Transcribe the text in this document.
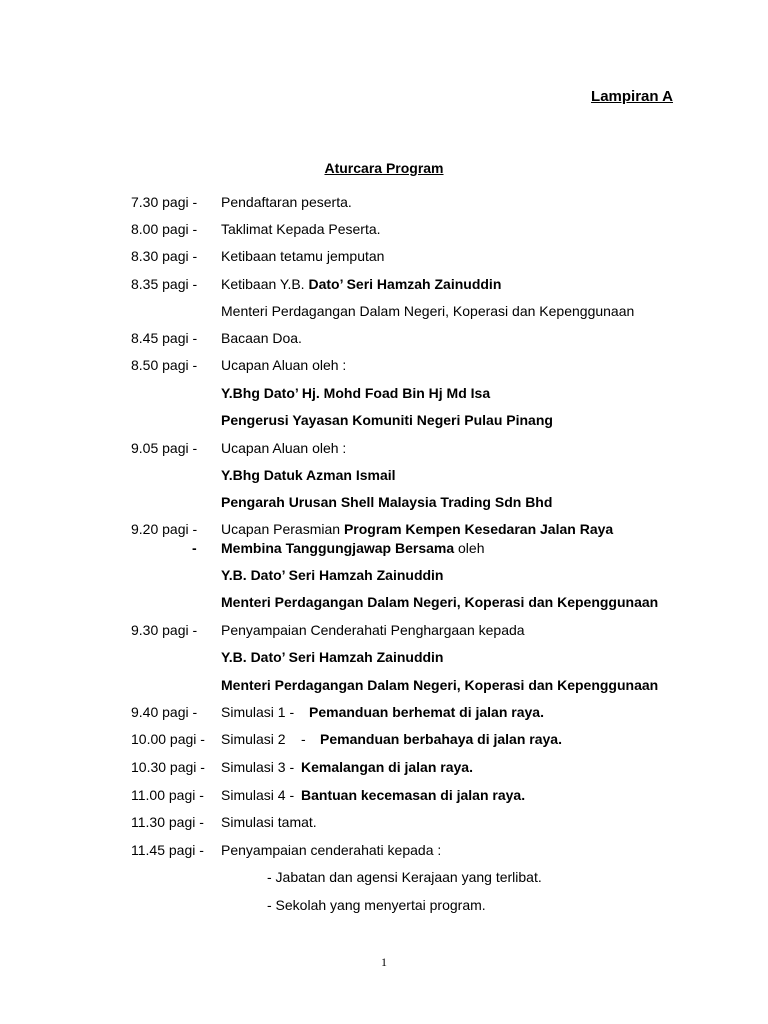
Lampiran A
Aturcara Program
7.30 pagi - Pendaftaran peserta.
8.00 pagi - Taklimat Kepada Peserta.
8.30 pagi - Ketibaan tetamu jemputan
8.35 pagi - Ketibaan Y.B. Dato’ Seri Hamzah Zainuddin
Menteri Perdagangan Dalam Negeri, Koperasi dan Kepenggunaan
8.45 pagi - Bacaan Doa.
8.50 pagi - Ucapan Aluan oleh :
Y.Bhg Dato’ Hj. Mohd Foad Bin Hj Md Isa
Pengerusi Yayasan Komuniti Negeri Pulau Pinang
9.05 pagi - Ucapan Aluan oleh :
Y.Bhg Datuk Azman Ismail
Pengarah Urusan Shell Malaysia Trading Sdn Bhd
9.20 pagi - Ucapan Perasmian Program Kempen Kesedaran Jalan Raya
- Membina Tanggungjawap Bersama oleh
Y.B. Dato’ Seri Hamzah Zainuddin
Menteri Perdagangan Dalam Negeri, Koperasi dan Kepenggunaan
9.30 pagi - Penyampaian Cenderahati Penghargaan kepada
Y.B. Dato’ Seri Hamzah Zainuddin
Menteri Perdagangan Dalam Negeri, Koperasi dan Kepenggunaan
9.40 pagi - Simulasi 1 - Pemanduan berhemat di jalan raya.
10.00 pagi - Simulasi 2 - Pemanduan berbahaya di jalan raya.
10.30 pagi - Simulasi 3 - Kemalangan di jalan raya.
11.00 pagi - Simulasi 4 - Bantuan kecemasan di jalan raya.
11.30 pagi - Simulasi tamat.
11.45 pagi - Penyampaian cenderahati kepada :
- Jabatan dan agensi Kerajaan yang terlibat.
- Sekolah yang menyertai program.
1
